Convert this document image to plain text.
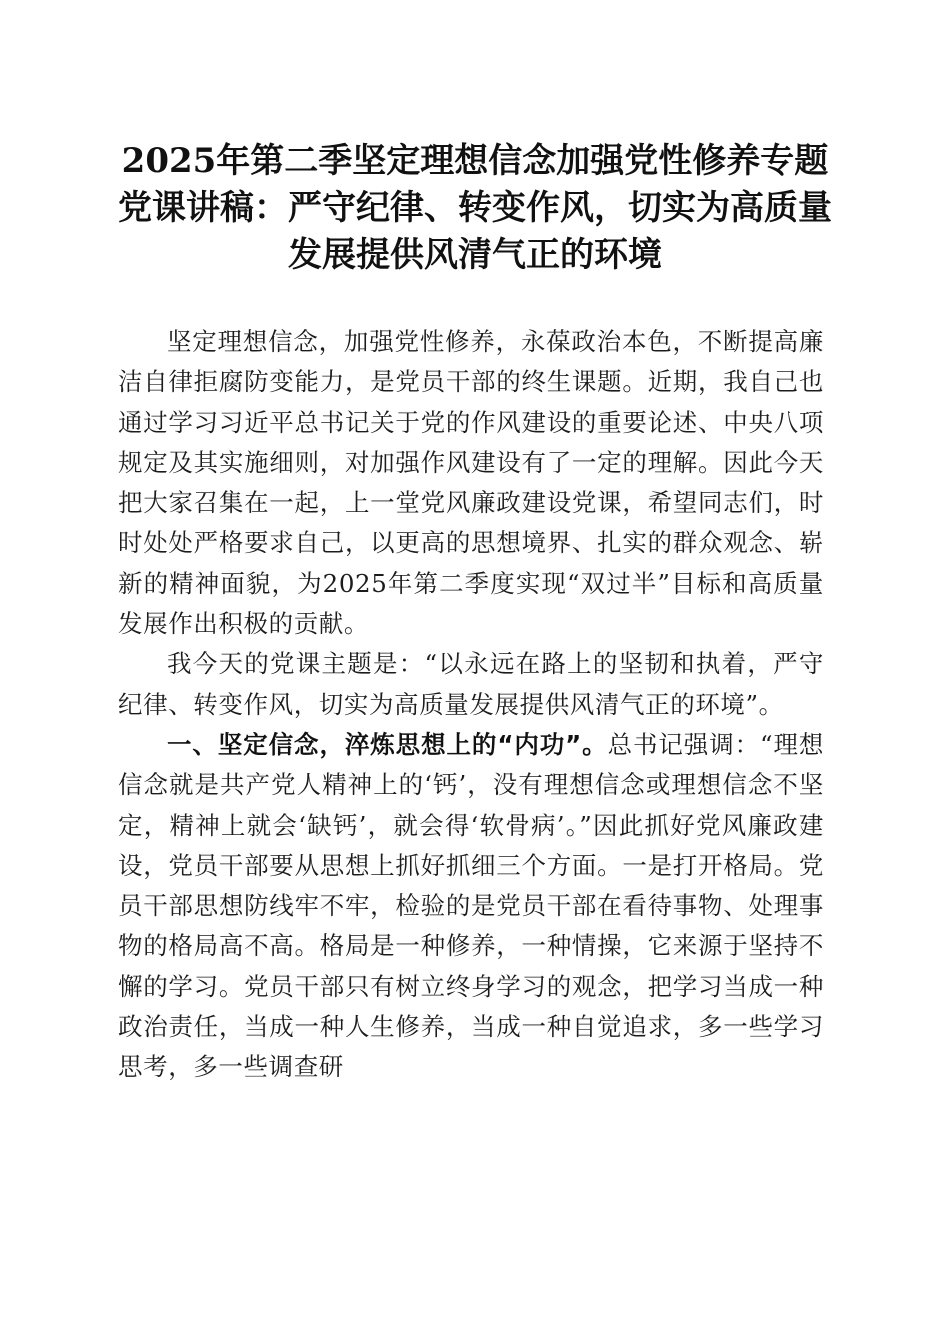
2025年第二季坚定理想信念加强党性修养专题党课讲稿：严守纪律、转变作风，切实为高质量发展提供风清气正的环境

坚定理想信念，加强党性修养，永葆政治本色，不断提高廉洁自律拒腐防变能力，是党员干部的终生课题。近期，我自己也通过学习习近平总书记关于党的作风建设的重要论述、中央八项规定及其实施细则，对加强作风建设有了一定的理解。因此今天把大家召集在一起，上一堂党风廉政建设党课，希望同志们，时时处处严格要求自己，以更高的思想境界、扎实的群众观念、崭新的精神面貌，为2025年第二季度实现“双过半”目标和高质量发展作出积极的贡献。

我今天的党课主题是：“以永远在路上的坚韧和执着，严守纪律、转变作风，切实为高质量发展提供风清气正的环境”。

一、坚定信念，淬炼思想上的“内功”。总书记强调：“理想信念就是共产党人精神上的‘钙’，没有理想信念或理想信念不坚定，精神上就会‘缺钙’，就会得‘软骨病’。”因此抓好党风廉政建设，党员干部要从思想上抓好抓细三个方面。一是打开格局。党员干部思想防线牢不牢，检验的是党员干部在看待事物、处理事物的格局高不高。格局是一种修养，一种情操，它来源于坚持不懈的学习。党员干部只有树立终身学习的观念，把学习当成一种政治责任，当成一种人生修养，当成一种自觉追求，多一些学习思考，多一些调查研
